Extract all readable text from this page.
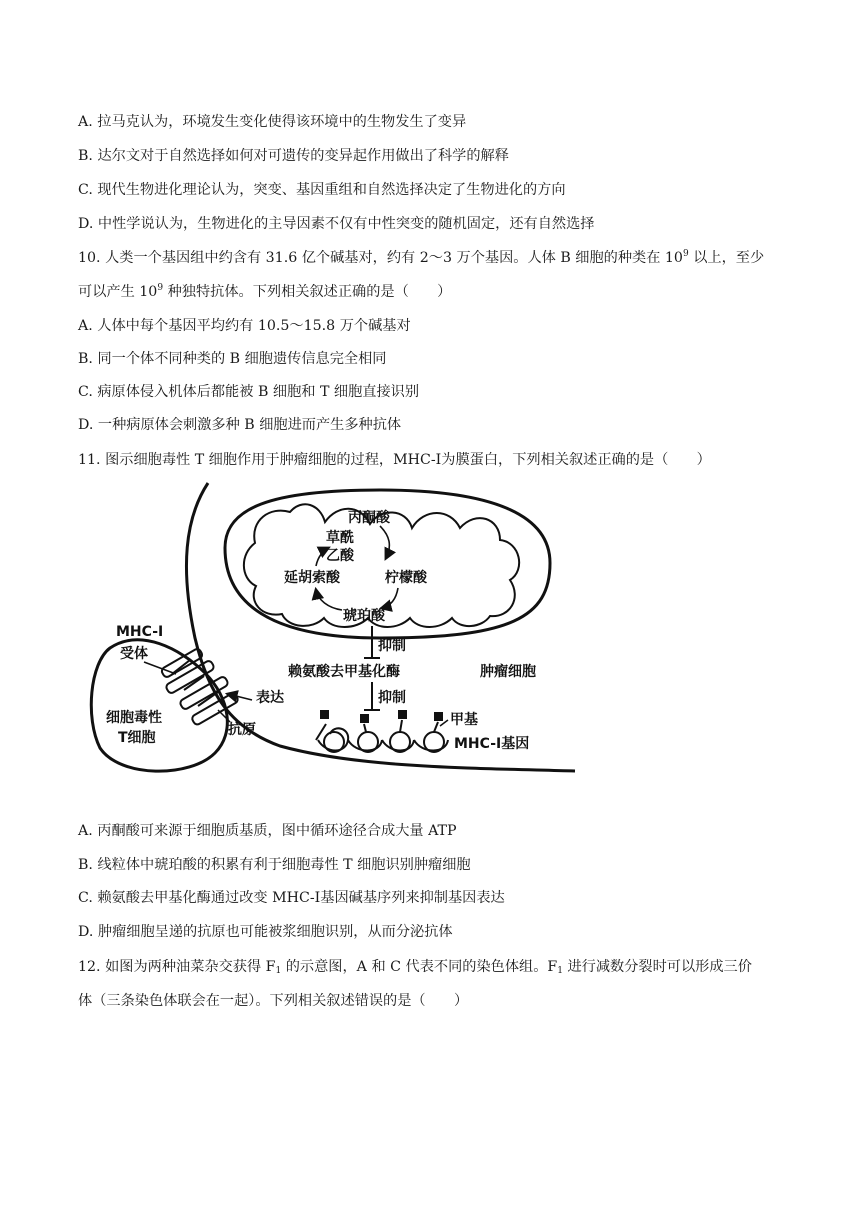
A. 拉马克认为，环境发生变化使得该环境中的生物发生了变异
B. 达尔文对于自然选择如何对可遗传的变异起作用做出了科学的解释
C. 现代生物进化理论认为，突变、基因重组和自然选择决定了生物进化的方向
D. 中性学说认为，生物进化的主导因素不仅有中性突变的随机固定，还有自然选择
10. 人类一个基因组中约含有 31.6 亿个碱基对，约有 2～3 万个基因。人体 B 细胞的种类在 $10^9$ 以上，至少
可以产生 $10^9$ 种独特抗体。下列相关叙述正确的是（　　）
A. 人体中每个基因平均约有 10.5～15.8 万个碱基对
B. 同一个体不同种类的 B 细胞遗传信息完全相同
C. 病原体侵入机体后都能被 B 细胞和 T 细胞直接识别
D. 一种病原体会刺激多种 B 细胞进而产生多种抗体
11. 图示细胞毒性 T 细胞作用于肿瘤细胞的过程，MHC-Ⅰ为膜蛋白，下列相关叙述正确的是（　　）
丙酮酸
草酰
乙酸
延胡索酸	柠檬酸
琥珀酸
抑制
赖氨酸去甲基化酶	肿瘤细胞
抑制
细胞毒性
T细胞
MHC-I
受体
表达
抗原
甲基
MHC-I基因
A. 丙酮酸可来源于细胞质基质，图中循环途径合成大量 ATP
B. 线粒体中琥珀酸的积累有利于细胞毒性 T 细胞识别肿瘤细胞
C. 赖氨酸去甲基化酶通过改变 MHC-Ⅰ基因碱基序列来抑制基因表达
D. 肿瘤细胞呈递的抗原也可能被浆细胞识别，从而分泌抗体
12. 如图为两种油菜杂交获得 $F_1$ 的示意图，A 和 C 代表不同的染色体组。$F_1$ 进行减数分裂时可以形成三价
体（三条染色体联会在一起）。下列相关叙述错误的是（　　）
